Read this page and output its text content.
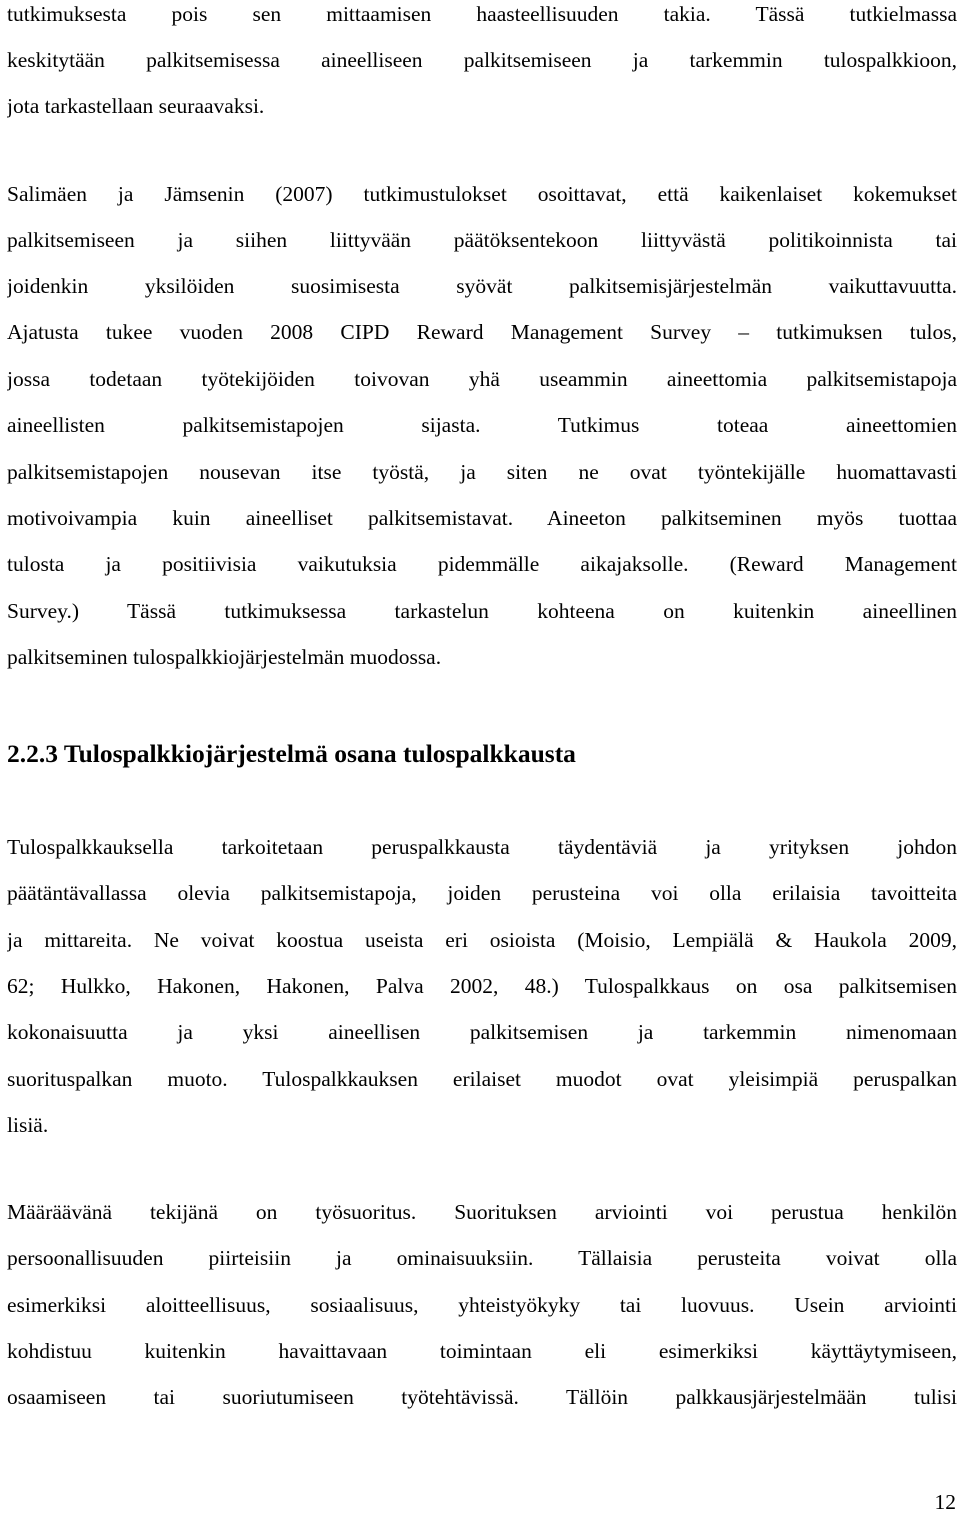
tutkimuksesta pois sen mittaamisen haasteellisuuden takia. Tässä tutkielmassa
keskitytään palkitsemisessa aineelliseen palkitsemiseen ja tarkemmin tulospalkkioon,
jota tarkastellaan seuraavaksi.
Salimäen ja Jämsenin (2007) tutkimustulokset osoittavat, että kaikenlaiset kokemukset
palkitsemiseen ja siihen liittyvään päätöksentekoon liittyvästä politikoinnista tai
joidenkin yksilöiden suosimisesta syövät palkitsemisjärjestelmän vaikuttavuutta.
Ajatusta tukee vuoden 2008 CIPD Reward Management Survey – tutkimuksen tulos,
jossa todetaan työtekijöiden toivovan yhä useammin aineettomia palkitsemistapoja
aineellisten palkitsemistapojen sijasta. Tutkimus toteaa aineettomien
palkitsemistapojen nousevan itse työstä, ja siten ne ovat työntekijälle huomattavasti
motivoivampia kuin aineelliset palkitsemistavat. Aineeton palkitseminen myös tuottaa
tulosta ja positiivisia vaikutuksia pidemmälle aikajaksolle. (Reward Management
Survey.) Tässä tutkimuksessa tarkastelun kohteena on kuitenkin aineellinen
palkitseminen tulospalkkiojärjestelmän muodossa.
2.2.3 Tulospalkkiojärjestelmä osana tulospalkkausta
Tulospalkkauksella tarkoitetaan peruspalkkausta täydentäviä ja yrityksen johdon
päätäntävallassa olevia palkitsemistapoja, joiden perusteina voi olla erilaisia tavoitteita
ja mittareita. Ne voivat koostua useista eri osioista (Moisio, Lempiälä & Haukola 2009,
62; Hulkko, Hakonen, Hakonen, Palva 2002, 48.) Tulospalkkaus on osa palkitsemisen
kokonaisuutta ja yksi aineellisen palkitsemisen ja tarkemmin nimenomaan
suorituspalkan muoto. Tulospalkkauksen erilaiset muodot ovat yleisimpiä peruspalkan
lisiä.
Määräävänä tekijänä on työsuoritus. Suorituksen arviointi voi perustua henkilön
persoonallisuuden piirteisiin ja ominaisuuksiin. Tällaisia perusteita voivat olla
esimerkiksi aloitteellisuus, sosiaalisuus, yhteistyökyky tai luovuus. Usein arviointi
kohdistuu kuitenkin havaittavaan toimintaan eli esimerkiksi käyttäytymiseen,
osaamiseen tai suoriutumiseen työtehtävissä. Tällöin palkkausjärjestelmään tulisi
12
